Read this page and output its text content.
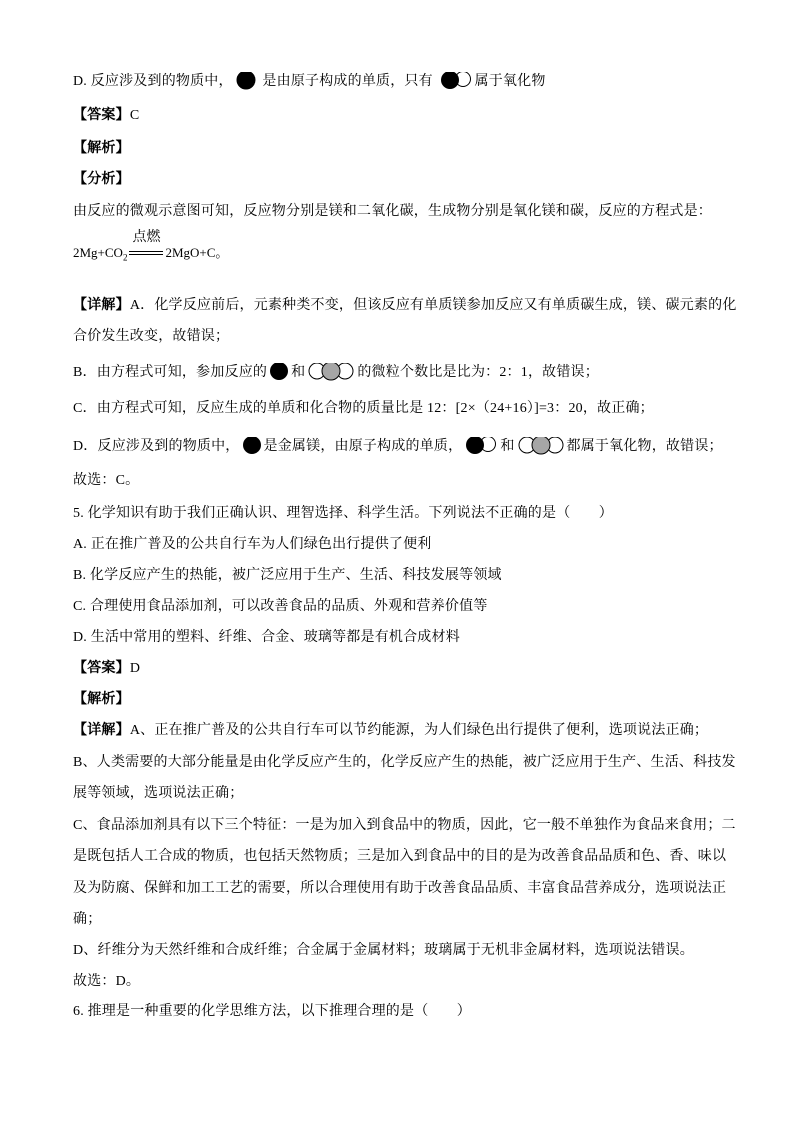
D. 反应涉及到的物质中， 是由原子构成的单质，只有	属于氧化物
【答案】C
【解析】
【分析】
由反应的微观示意图可知，反应物分别是镁和二氧化碳，生成物分别是氧化镁和碳，反应的方程式是：
$2Mg+CO_2$
点燃
2MgO+C。
【详解】A．化学反应前后，元素种类不变，但该反应有单质镁参加反应又有单质碳生成，镁、碳元素的化
合价发生改变，故错误；
B．由方程式可知，参加反应的 和	的微粒个数比是比为：2：1，故错误；
C．由方程式可知，反应生成的单质和化合物的质量比是 12：[2×（24+16）]=3：20，故正确；
D．反应涉及到的物质中， 是金属镁，由原子构成的单质，	和	都属于氧化物，故错误；
故选：C。
5. 化学知识有助于我们正确认识、理智选择、科学生活。下列说法不正确的是（　　）
A. 正在推广普及的公共自行车为人们绿色出行提供了便利
B. 化学反应产生的热能，被广泛应用于生产、生活、科技发展等领域
C. 合理使用食品添加剂，可以改善食品的品质、外观和营养价值等
D. 生活中常用的塑料、纤维、合金、玻璃等都是有机合成材料
【答案】D
【解析】
【详解】A、正在推广普及的公共自行车可以节约能源，为人们绿色出行提供了便利，选项说法正确；
B、人类需要的大部分能量是由化学反应产生的，化学反应产生的热能，被广泛应用于生产、生活、科技发
展等领域，选项说法正确；
C、食品添加剂具有以下三个特征：一是为加入到食品中的物质，因此，它一般不单独作为食品来食用；二
是既包括人工合成的物质，也包括天然物质；三是加入到食品中的目的是为改善食品品质和色、香、味以
及为防腐、保鲜和加工工艺的需要，所以合理使用有助于改善食品品质、丰富食品营养成分，选项说法正
确；
D、纤维分为天然纤维和合成纤维；合金属于金属材料；玻璃属于无机非金属材料，选项说法错误。
故选：D。
6. 推理是一种重要的化学思维方法，以下推理合理的是（　　）
